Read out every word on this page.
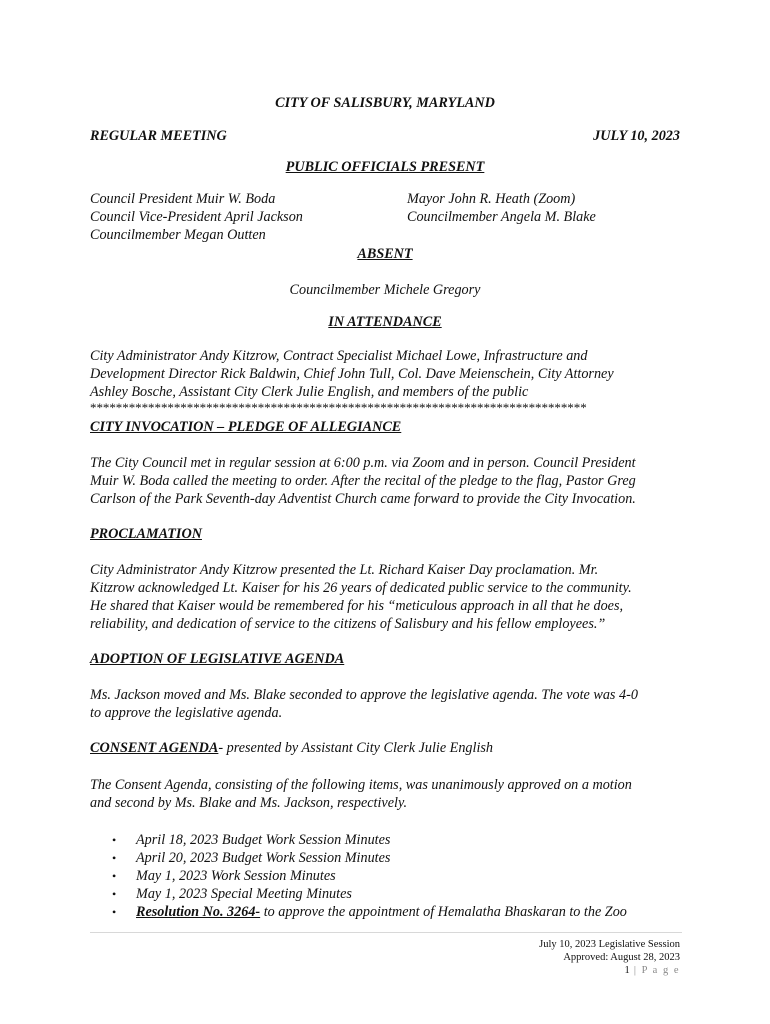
CITY OF SALISBURY, MARYLAND
REGULAR MEETING	JULY 10, 2023
PUBLIC OFFICIALS PRESENT
Council President Muir W. Boda
Council Vice-President April Jackson
Councilmember Megan Outten
Mayor John R. Heath (Zoom)
Councilmember Angela M. Blake
ABSENT
Councilmember Michele Gregory
IN ATTENDANCE
City Administrator Andy Kitzrow, Contract Specialist Michael Lowe, Infrastructure and
Development Director Rick Baldwin, Chief John Tull, Col. Dave Meienschein, City Attorney
Ashley Bosche, Assistant City Clerk Julie English, and members of the public
*****************************************************************************
CITY INVOCATION – PLEDGE OF ALLEGIANCE
The City Council met in regular session at 6:00 p.m. via Zoom and in person. Council President
Muir W. Boda called the meeting to order. After the recital of the pledge to the flag, Pastor Greg
Carlson of the Park Seventh-day Adventist Church came forward to provide the City Invocation.
PROCLAMATION
City Administrator Andy Kitzrow presented the Lt. Richard Kaiser Day proclamation. Mr.
Kitzrow acknowledged Lt. Kaiser for his 26 years of dedicated public service to the community.
He shared that Kaiser would be remembered for his “meticulous approach in all that he does,
reliability, and dedication of service to the citizens of Salisbury and his fellow employees.”
ADOPTION OF LEGISLATIVE AGENDA
Ms. Jackson moved and Ms. Blake seconded to approve the legislative agenda. The vote was 4-0
to approve the legislative agenda.
CONSENT AGENDA- presented by Assistant City Clerk Julie English
The Consent Agenda, consisting of the following items, was unanimously approved on a motion
and second by Ms. Blake and Ms. Jackson, respectively.
• April 18, 2023 Budget Work Session Minutes
• April 20, 2023 Budget Work Session Minutes
• May 1, 2023 Work Session Minutes
• May 1, 2023 Special Meeting Minutes
• Resolution No. 3264- to approve the appointment of Hemalatha Bhaskaran to the Zoo
July 10, 2023 Legislative Session
Approved: August 28, 2023
1 | P a g e
